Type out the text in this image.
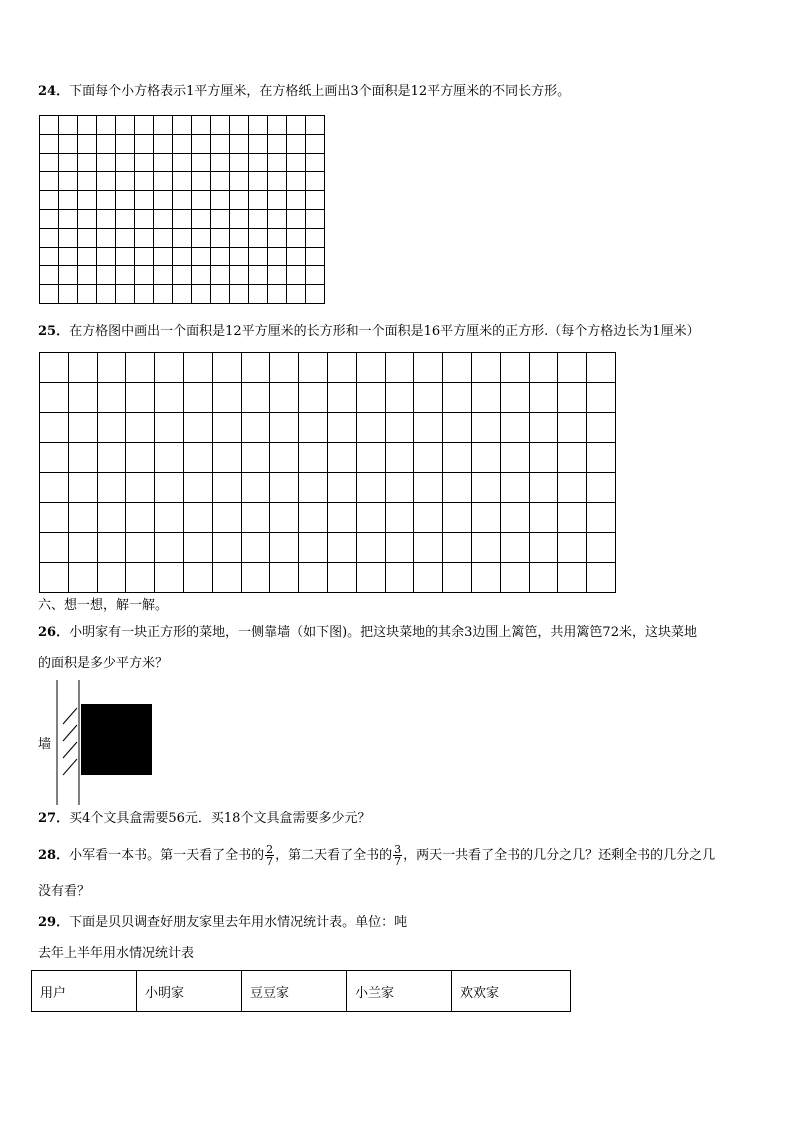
24．下面每个小方格表示1平方厘米，在方格纸上画出3个面积是12平方厘米的不同长方形。

25．在方格图中画出一个面积是12平方厘米的长方形和一个面积是16平方厘米的正方形.（每个方格边长为1厘米）

六、想一想，解一解。
26．小明家有一块正方形的菜地，一侧靠墙（如下图)。把这块菜地的其余3边围上篱笆，共用篱笆72米，这块菜地
的面积是多少平方米？
墙
27．买4个文具盒需要56元．买18个文具盒需要多少元？
28．小军看一本书。第一天看了全书的 $\frac{2}{7}$ ，第二天看了全书的 $\frac{3}{7}$ ，两天一共看了全书的几分之几？还剩全书的几分之几
没有看？
29．下面是贝贝调查好朋友家里去年用水情况统计表。单位：吨
去年上半年用水情况统计表
用户	小明家	豆豆家	小兰家	欢欢家
